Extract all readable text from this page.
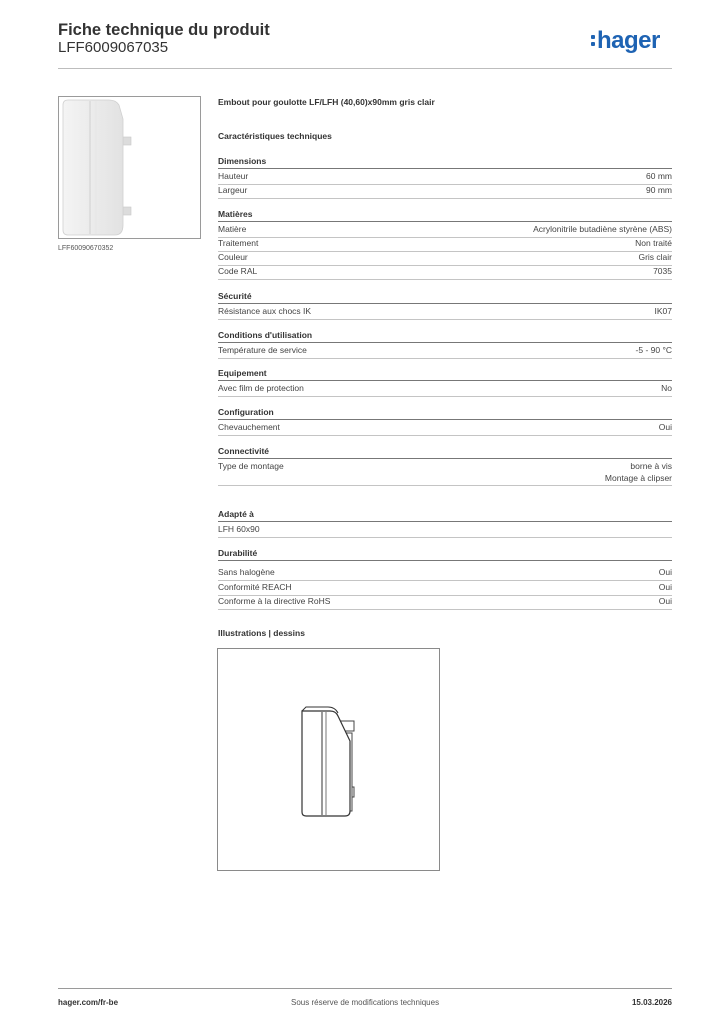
Fiche technique du produit
LFF6009067035	hager
LFF60090670352
Embout pour goulotte LF/LFH (40,60)x90mm gris clair
Caractéristiques techniques
Dimensions
Hauteur	60 mm
Largeur	90 mm
Matières
Matière	Acrylonitrile butadiène styrène (ABS)
Traitement	Non traité
Couleur	Gris clair
Code RAL	7035
Sécurité
Résistance aux chocs IK	IK07
Conditions d'utilisation
Température de service	-5 - 90 °C
Equipement
Avec film de protection	No
Configuration
Chevauchement	Oui
Connectivité
Type de montage	borne à vis
Montage à clipser
Adapté à
LFH 60x90
Durabilité
Sans halogène	Oui
Conformité REACH	Oui
Conforme à la directive RoHS	Oui
Illustrations | dessins
hager.com/fr-be	Sous réserve de modifications techniques	15.03.2026
